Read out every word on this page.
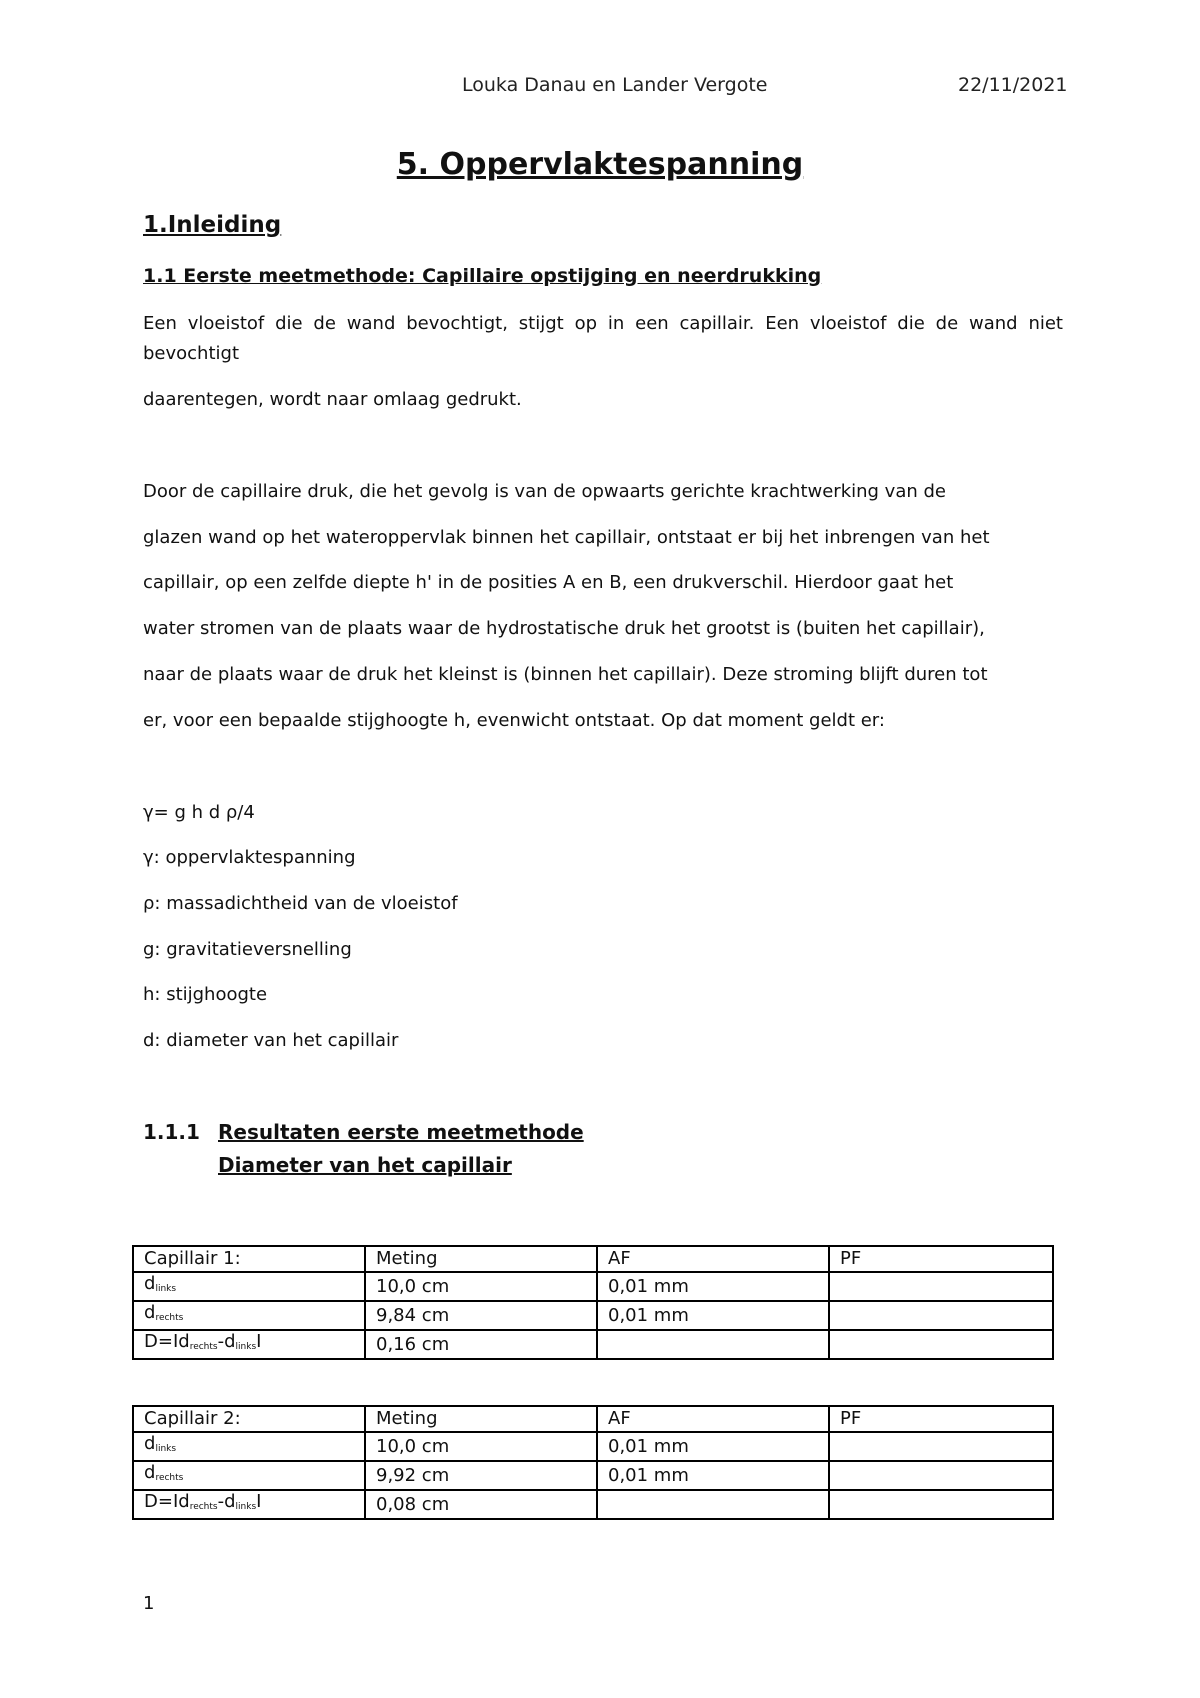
Louka Danau en Lander Vergote	22/11/2021
5. Oppervlaktespanning
1.Inleiding
1.1 Eerste meetmethode: Capillaire opstijging en neerdrukking
Een vloeistof die de wand bevochtigt, stijgt op in een capillair. Een vloeistof die de wand niet
bevochtigt
daarentegen, wordt naar omlaag gedrukt.
Door de capillaire druk, die het gevolg is van de opwaarts gerichte krachtwerking van de
glazen wand op het wateroppervlak binnen het capillair, ontstaat er bij het inbrengen van het
capillair, op een zelfde diepte h' in de posities A en B, een drukverschil. Hierdoor gaat het
water stromen van de plaats waar de hydrostatische druk het grootst is (buiten het capillair),
naar de plaats waar de druk het kleinst is (binnen het capillair). Deze stroming blijft duren tot
er, voor een bepaalde stijghoogte h, evenwicht ontstaat. Op dat moment geldt er:
γ= g h d ρ/4
γ: oppervlaktespanning
ρ: massadichtheid van de vloeistof
g: gravitatieversnelling
h: stijghoogte
d: diameter van het capillair
1.1.1 Resultaten eerste meetmethode
Diameter van het capillair
Capillair 1:	Meting	AF	PF
$d_{links}$	10,0 cm	0,01 mm	
$d_{rechts}$	9,84 cm	0,01 mm	
$D=Id_{rechts}-d_{links}I$	0,16 cm		
Capillair 2:	Meting	AF	PF
$d_{links}$	10,0 cm	0,01 mm	
$d_{rechts}$	9,92 cm	0,01 mm	
$D=Id_{rechts}-d_{links}I$	0,08 cm		
1
